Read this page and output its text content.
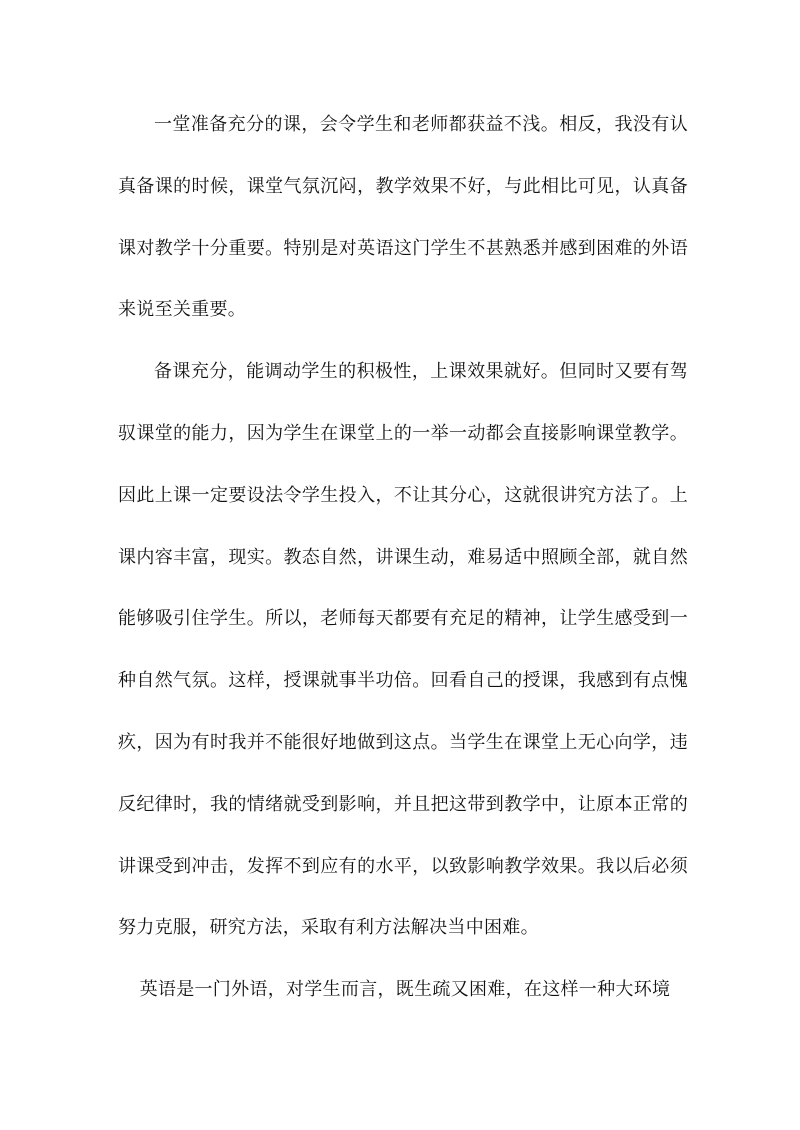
一堂准备充分的课，会令学生和老师都获益不浅。相反，我没有认真备课的时候，课堂气氛沉闷，教学效果不好，与此相比可见，认真备课对教学十分重要。特别是对英语这门学生不甚熟悉并感到困难的外语来说至关重要。

备课充分，能调动学生的积极性，上课效果就好。但同时又要有驾驭课堂的能力，因为学生在课堂上的一举一动都会直接影响课堂教学。因此上课一定要设法令学生投入，不让其分心，这就很讲究方法了。上课内容丰富，现实。教态自然，讲课生动，难易适中照顾全部，就自然能够吸引住学生。所以，老师每天都要有充足的精神，让学生感受到一种自然气氛。这样，授课就事半功倍。回看自己的授课，我感到有点愧疚，因为有时我并不能很好地做到这点。当学生在课堂上无心向学，违反纪律时，我的情绪就受到影响，并且把这带到教学中，让原本正常的讲课受到冲击，发挥不到应有的水平，以致影响教学效果。我以后必须努力克服，研究方法，采取有利方法解决当中困难。

英语是一门外语，对学生而言，既生疏又困难，在这样一种大环境
